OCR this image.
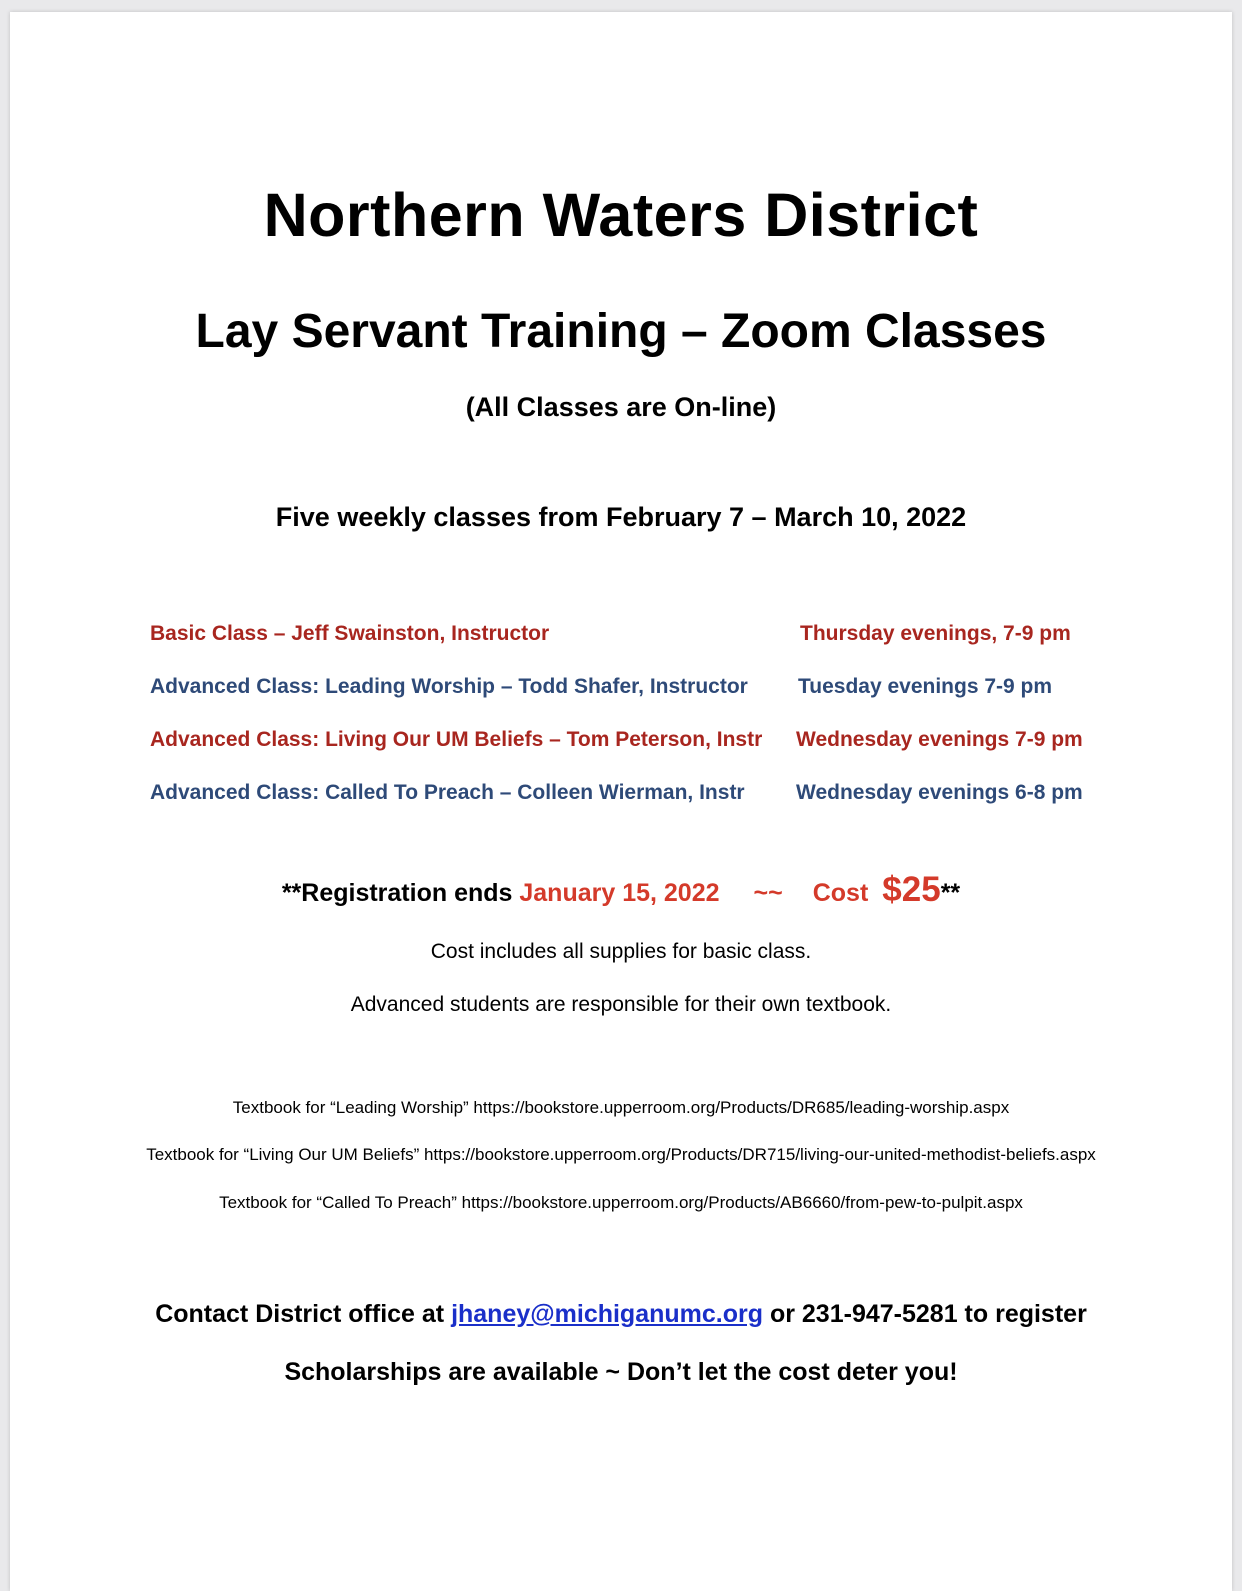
Northern Waters District
Lay Servant Training – Zoom Classes
(All Classes are On-line)
Five weekly classes from February 7 – March 10, 2022
Basic Class – Jeff Swainston, Instructor	Thursday evenings, 7-9 pm
Advanced Class: Leading Worship – Todd Shafer, Instructor Tuesday evenings 7-9 pm
Advanced Class: Living Our UM Beliefs – Tom Peterson, Instr Wednesday evenings 7-9 pm
Advanced Class: Called To Preach – Colleen Wierman, Instr Wednesday evenings 6-8 pm
**Registration ends January 15, 2022 ~~ Cost $25**
Cost includes all supplies for basic class.
Advanced students are responsible for their own textbook.
Textbook for “Leading Worship” https://bookstore.upperroom.org/Products/DR685/leading-worship.aspx
Textbook for “Living Our UM Beliefs” https://bookstore.upperroom.org/Products/DR715/living-our-united-methodist-beliefs.aspx
Textbook for “Called To Preach” https://bookstore.upperroom.org/Products/AB6660/from-pew-to-pulpit.aspx
Contact District office at jhaney@michiganumc.org or 231-947-5281 to register
Scholarships are available ~ Don’t let the cost deter you!
